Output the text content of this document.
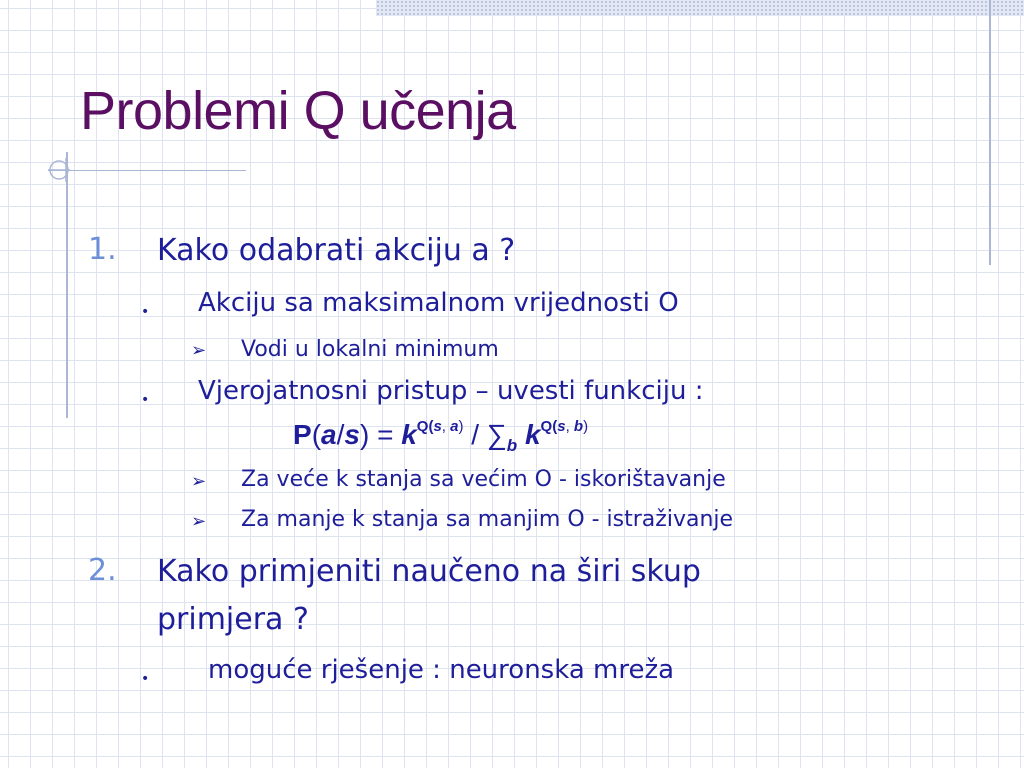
Problemi Q učenja
1. Kako odabrati akciju a ?
• Akciju sa maksimalnom vrijednosti O
➢ Vodi u lokalni minimum
• Vjerojatnosni pristup – uvesti funkciju :
$P(a/s) = k^{Q(s, a)} / \sum_b$ $k^{Q(s, b)}$
➢ Za veće k stanja sa većim O - iskorištavanje
➢ Za manje k stanja sa manjim O - istraživanje
2. Kako primjeniti naučeno na širi skup
primjera ?
• moguće rješenje : neuronska mreža
